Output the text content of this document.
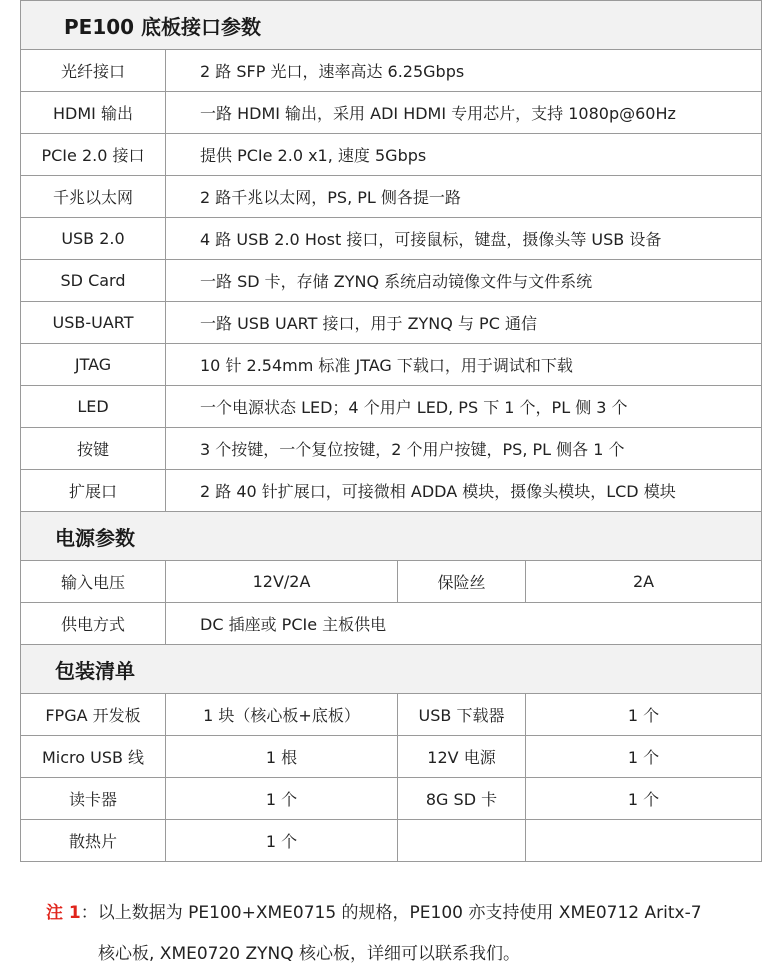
PE100 底板接口参数			
光纤接口	2 路 SFP 光口，速率高达 6.25Gbps		
HDMI 输出	一路 HDMI 输出，采用 ADI HDMI 专用芯片，支持 1080p@60Hz		
PCIe 2.0 接口	提供 PCIe 2.0 x1, 速度 5Gbps		
千兆以太网	2 路千兆以太网，PS, PL 侧各提一路		
USB 2.0	4 路 USB 2.0 Host 接口，可接鼠标，键盘，摄像头等 USB 设备		
SD Card	一路 SD 卡，存储 ZYNQ 系统启动镜像文件与文件系统		
USB-UART	一路 USB UART 接口，用于 ZYNQ 与 PC 通信		
JTAG	10 针 2.54mm 标准 JTAG 下载口，用于调试和下载		
LED	一个电源状态 LED；4 个用户 LED, PS 下 1 个，PL 侧 3 个		
按键	3 个按键，一个复位按键，2 个用户按键，PS, PL 侧各 1 个		
扩展口	2 路 40 针扩展口，可接微相 ADDA 模块，摄像头模块，LCD 模块		
电源参数			
输入电压	12V/2A	保险丝	2A
供电方式	DC 插座或 PCIe 主板供电		
包装清单			
FPGA 开发板	1 块（核心板+底板）	USB 下载器	1 个
Micro USB 线	1 根	12V 电源	1 个
读卡器	1 个	8G SD 卡	1 个
散热片	1 个		
注 1：以上数据为 PE100+XME0715 的规格，PE100 亦支持使用 XME0712 Aritx-7
核心板, XME0720 ZYNQ 核心板，详细可以联系我们。
